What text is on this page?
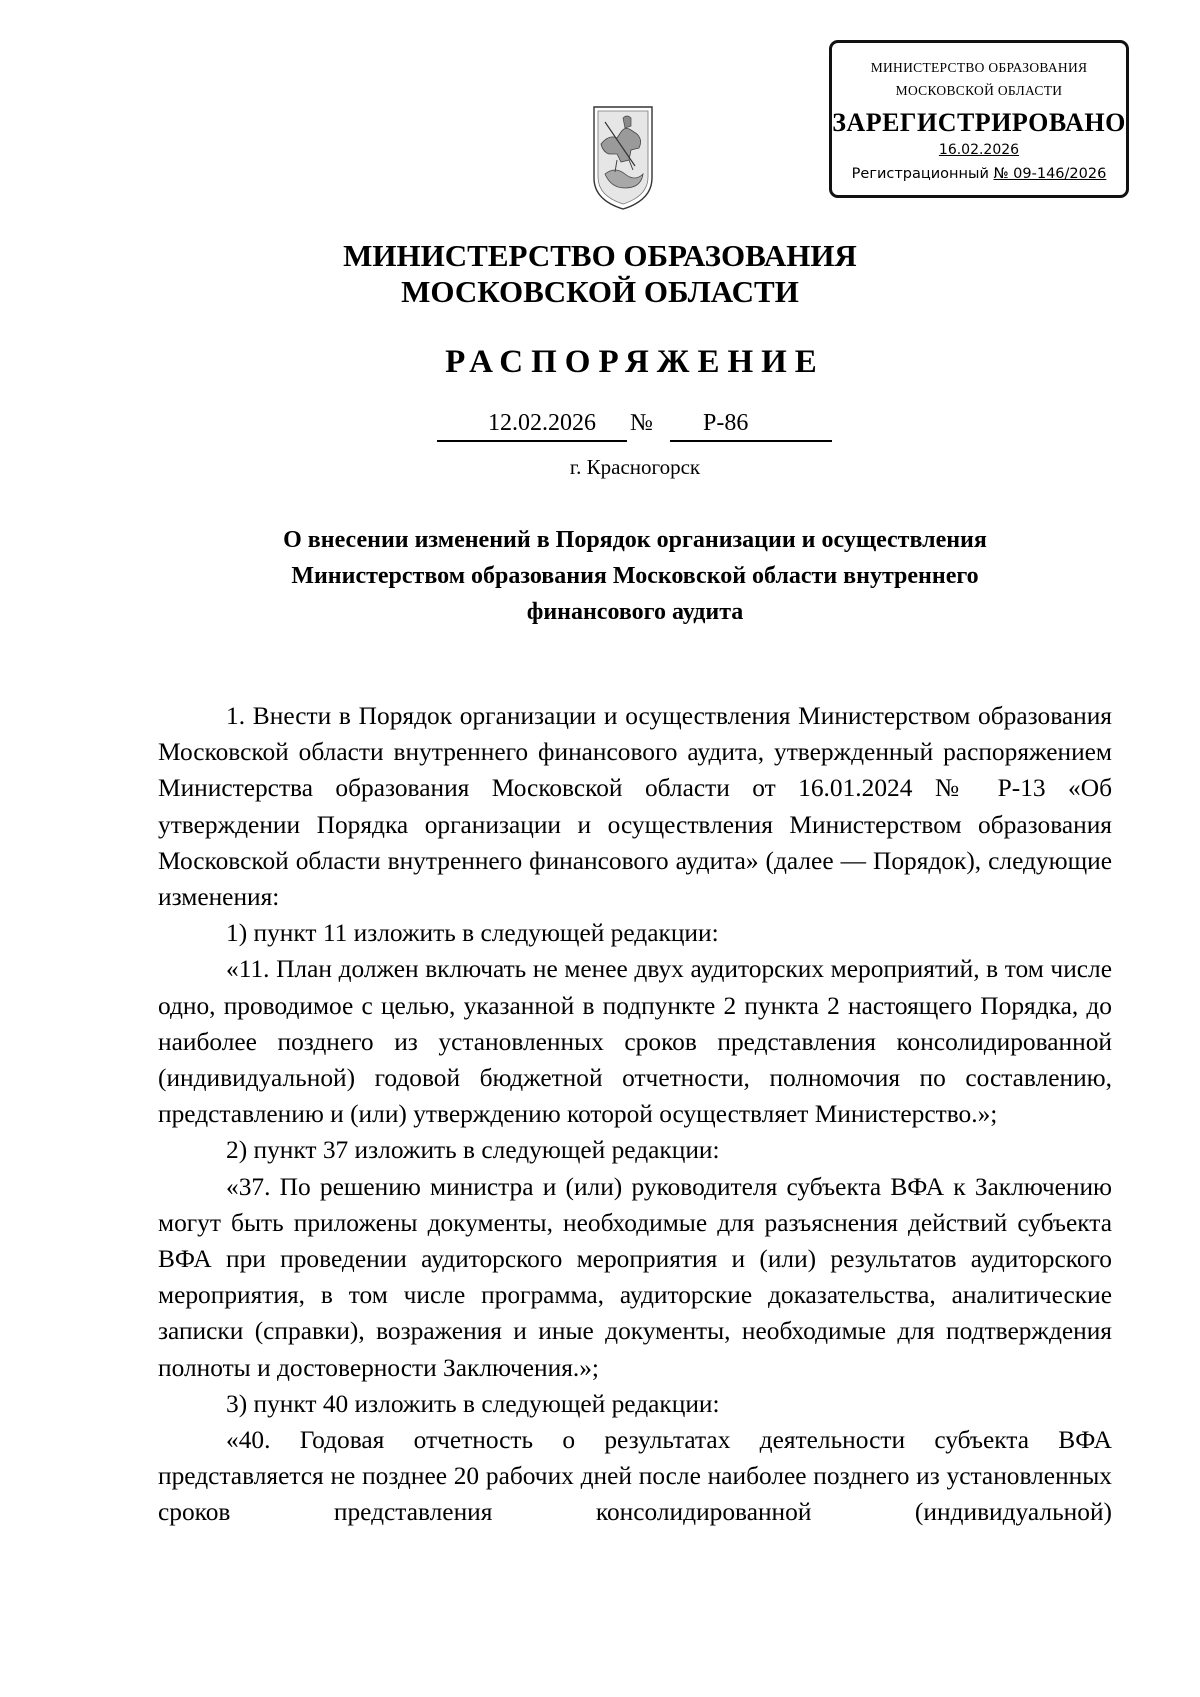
МИНИСТЕРСТВО ОБРАЗОВАНИЯ
МОСКОВСКОЙ ОБЛАСТИ
ЗАРЕГИСТРИРОВАНО
16.02.2026
Регистрационный № 09-146/2026
МИНИСТЕРСТВО ОБРАЗОВАНИЯ
МОСКОВСКОЙ ОБЛАСТИ
РАСПОРЯЖЕНИЕ
12.02.2026 № Р-86
г. Красногорск
О внесении изменений в Порядок организации и осуществления
Министерством образования Московской области внутреннего
финансового аудита

1. Внести в Порядок организации и осуществления Министерством образования Московской области внутреннего финансового аудита, утвержденный распоряжением Министерства образования Московской области от 16.01.2024 № Р-13 «Об утверждении Порядка организации и осуществления Министерством образования Московской области внутреннего финансового аудита» (далее — Порядок), следующие изменения:

1) пункт 11 изложить в следующей редакции:

«11. План должен включать не менее двух аудиторских мероприятий, в том числе одно, проводимое с целью, указанной в подпункте 2 пункта 2 настоящего Порядка, до наиболее позднего из установленных сроков представления консолидированной (индивидуальной) годовой бюджетной отчетности, полномочия по составлению, представлению и (или) утверждению которой осуществляет Министерство.»;

2) пункт 37 изложить в следующей редакции:

«37. По решению министра и (или) руководителя субъекта ВФА к Заключению могут быть приложены документы, необходимые для разъяснения действий субъекта ВФА при проведении аудиторского мероприятия и (или) результатов аудиторского мероприятия, в том числе программа, аудиторские доказательства, аналитические записки (справки), возражения и иные документы, необходимые для подтверждения полноты и достоверности Заключения.»;

3) пункт 40 изложить в следующей редакции:

«40. Годовая отчетность о результатах деятельности субъекта ВФА представляется не позднее 20 рабочих дней после наиболее позднего из установленных сроков представления консолидированной (индивидуальной)
